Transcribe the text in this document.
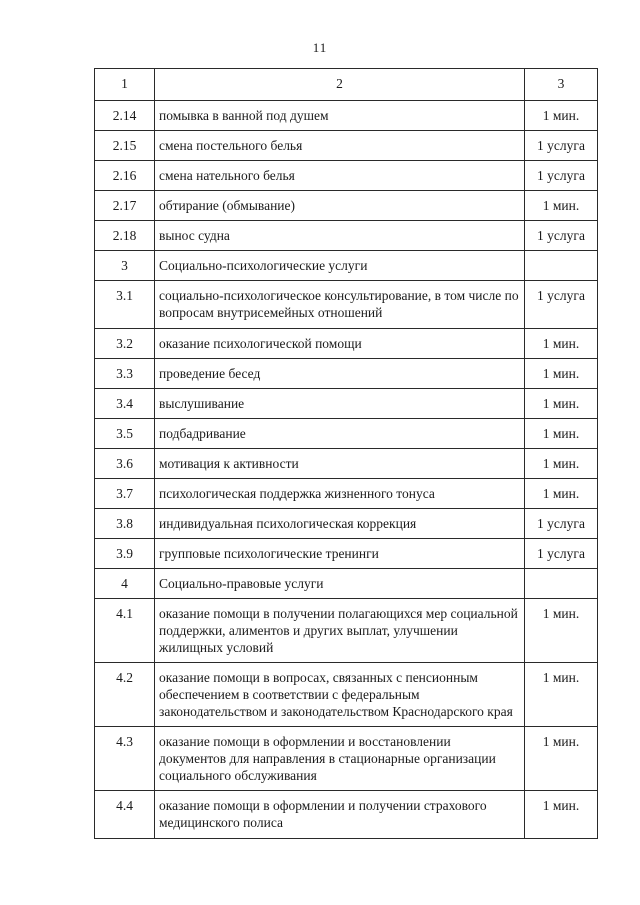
11
1	2	3
2.14	помывка в ванной под душем	1 мин.
2.15	смена постельного белья	1 услуга
2.16	смена нательного белья	1 услуга
2.17	обтирание (обмывание)	1 мин.
2.18	вынос судна	1 услуга
3	Социально-психологические услуги	
3.1	социально-психологическое консультирование, в том числе по вопросам внутрисемейных отношений	1 услуга
3.2	оказание психологической помощи	1 мин.
3.3	проведение бесед	1 мин.
3.4	выслушивание	1 мин.
3.5	подбадривание	1 мин.
3.6	мотивация к активности	1 мин.
3.7	психологическая поддержка жизненного тонуса	1 мин.
3.8	индивидуальная психологическая коррекция	1 услуга
3.9	групповые психологические тренинги	1 услуга
4	Социально-правовые услуги	
4.1	оказание помощи в получении полагающихся мер социальной поддержки, алиментов и других выплат, улучшении жилищных условий	1 мин.
4.2	оказание помощи в вопросах, связанных с пенсионным обеспечением в соответствии с федеральным законодательством и законодательством Краснодарского края	1 мин.
4.3	оказание помощи в оформлении и восстановлении документов для направления в стационарные организации социального обслуживания	1 мин.
4.4	оказание помощи в оформлении и получении страхового медицинского полиса	1 мин.
